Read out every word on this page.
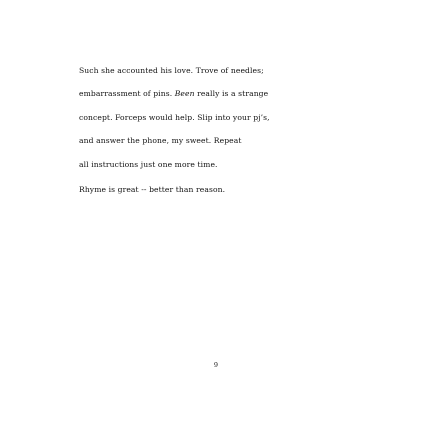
Such she accounted his love. Trove of needles;

embarrassment of pins. Been really is a strange

concept. Forceps would help. Slip into your pj’s,

and answer the phone, my sweet. Repeat

all instructions just one more time.

Rhyme is great -- better than reason.

9
